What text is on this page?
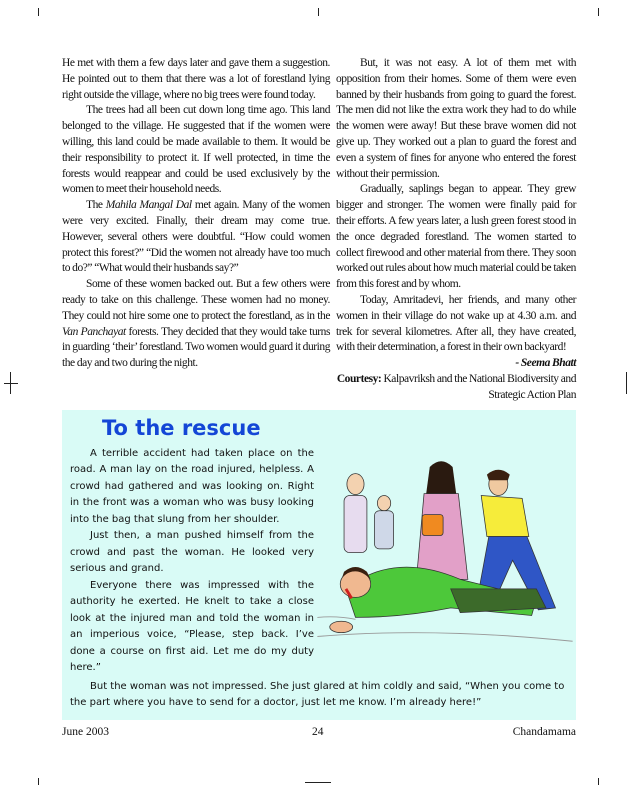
He met with them a few days later and gave them a suggestion. He pointed out to them that there was a lot of forestland lying right outside the village, where no big trees were found today.

The trees had all been cut down long time ago. This land belonged to the village. He suggested that if the women were willing, this land could be made available to them. It would be their responsibility to protect it. If well protected, in time the forests would reappear and could be used exclusively by the women to meet their household needs.

The Mahila Mangal Dal met again. Many of the women were very excited. Finally, their dream may come true. However, several others were doubtful. “How could women protect this forest?” “Did the women not already have too much to do?” “What would their husbands say?”

Some of these women backed out. But a few others were ready to take on this challenge. These women had no money. They could not hire some one to protect the forestland, as in the Van Panchayat forests. They decided that they would take turns in guarding ‘their’ forestland. Two women would guard it during the day and two during the night.

But, it was not easy. A lot of them met with opposition from their homes. Some of them were even banned by their husbands from going to guard the forest. The men did not like the extra work they had to do while the women were away! But these brave women did not give up. They worked out a plan to guard the forest and even a system of fines for anyone who entered the forest without their permission.

Gradually, saplings began to appear. They grew bigger and stronger. The women were finally paid for their efforts. A few years later, a lush green forest stood in the once degraded forestland. The women started to collect firewood and other material from there. They soon worked out rules about how much material could be taken from this forest and by whom.

Today, Amritadevi, her friends, and many other women in their village do not wake up at 4.30 a.m. and trek for several kilometres. After all, they have created, with their determination, a forest in their own backyard!

- Seema Bhatt
Courtesy: Kalpavriksh and the National Biodiversity and Strategic Action Plan
To the rescue

A terrible accident had taken place on the road. A man lay on the road injured, helpless. A crowd had gathered and was looking on. Right in the front was a woman who was busy looking into the bag that slung from her shoulder.

Just then, a man pushed himself from the crowd and past the woman. He looked very serious and grand.

Everyone there was impressed with the authority he exerted. He knelt to take a close look at the injured man and told the woman in an imperious voice, “Please, step back. I’ve done a course on first aid. Let me do my duty here.”

But the woman was not impressed. She just glared at him coldly and said, “When you come to the part where you have to send for a doctor, just let me know. I’m already here!”

June 2003	24	Chandamama
